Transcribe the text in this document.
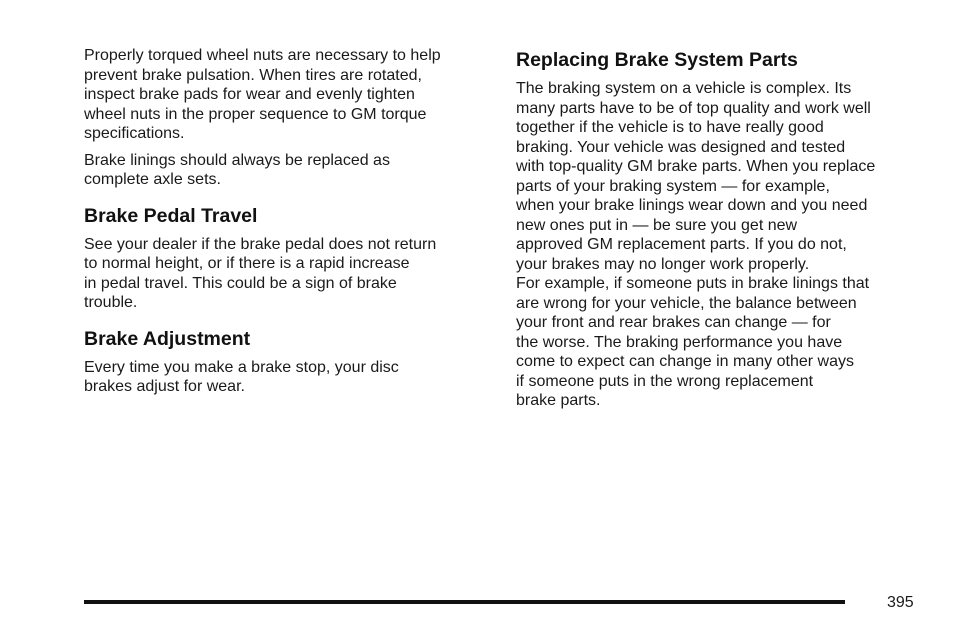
Properly torqued wheel nuts are necessary to help
prevent brake pulsation. When tires are rotated,
inspect brake pads for wear and evenly tighten
wheel nuts in the proper sequence to GM torque
specifications.

Brake linings should always be replaced as
complete axle sets.

Brake Pedal Travel

See your dealer if the brake pedal does not return
to normal height, or if there is a rapid increase
in pedal travel. This could be a sign of brake
trouble.

Brake Adjustment

Every time you make a brake stop, your disc
brakes adjust for wear.

Replacing Brake System Parts

The braking system on a vehicle is complex. Its
many parts have to be of top quality and work well
together if the vehicle is to have really good
braking. Your vehicle was designed and tested
with top-quality GM brake parts. When you replace
parts of your braking system — for example,
when your brake linings wear down and you need
new ones put in — be sure you get new
approved GM replacement parts. If you do not,
your brakes may no longer work properly.

For example, if someone puts in brake linings that
are wrong for your vehicle, the balance between
your front and rear brakes can change — for
the worse. The braking performance you have
come to expect can change in many other ways
if someone puts in the wrong replacement
brake parts.

395
